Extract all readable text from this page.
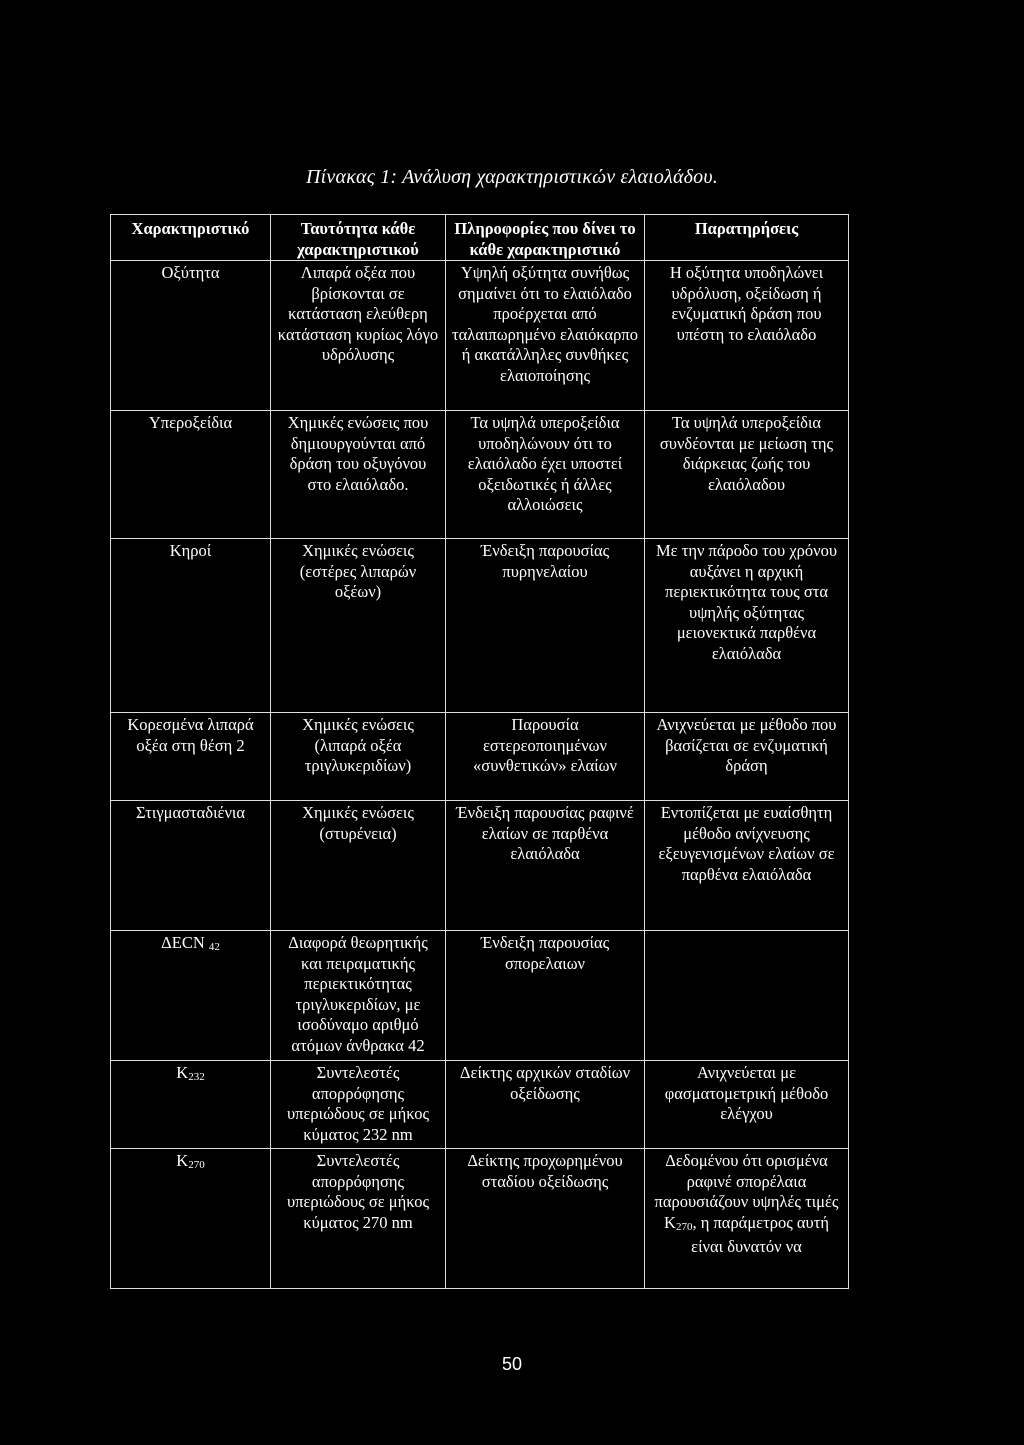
Πίνακας 1: Ανάλυση χαρακτηριστικών ελαιολάδου.
Χαρακτηριστικό	Ταυτότητα κάθε χαρακτηριστικού	Πληροφορίες που δίνει το κάθε χαρακτηριστικό	Παρατηρήσεις
Οξύτητα	Λιπαρά οξέα που βρίσκονται σε κατάσταση ελεύθερη κατάσταση κυρίως λόγο υδρόλυσης	Υψηλή οξύτητα συνήθως σημαίνει ότι το ελαιόλαδο προέρχεται από ταλαιπωρημένο ελαιόκαρπο ή ακατάλληλες συνθήκες ελαιοποίησης	Η οξύτητα υποδηλώνει υδρόλυση, οξείδωση ή ενζυματική δράση που υπέστη το ελαιόλαδο
Υπεροξείδια	Χημικές ενώσεις που δημιουργούνται από δράση του οξυγόνου στο ελαιόλαδο.	Τα υψηλά υπεροξείδια υποδηλώνουν ότι το ελαιόλαδο έχει υποστεί οξειδωτικές ή άλλες αλλοιώσεις	Τα υψηλά υπεροξείδια συνδέονται με μείωση της διάρκειας ζωής του ελαιόλαδου
Κηροί	Χημικές ενώσεις (εστέρες λιπαρών οξέων)	Ένδειξη παρουσίας πυρηνελαίου	Με την πάροδο του χρόνου αυξάνει η αρχική περιεκτικότητα τους στα υψηλής οξύτητας μειονεκτικά παρθένα ελαιόλαδα
Κορεσμένα λιπαρά οξέα στη θέση 2	Χημικές ενώσεις (λιπαρά οξέα τριγλυκεριδίων)	Παρουσία εστερεοποιημένων «συνθετικών» ελαίων	Ανιχνεύεται με μέθοδο που βασίζεται σε ενζυματική δράση
Στιγμασταδιένια	Χημικές ενώσεις (στυρένεια)	Ένδειξη παρουσίας ραφινέ ελαίων σε παρθένα ελαιόλαδα	Εντοπίζεται με ευαίσθητη μέθοδο ανίχνευσης εξευγενισμένων ελαίων σε παρθένα ελαιόλαδα
ΔECN 42	Διαφορά θεωρητικής και πειραματικής περιεκτικότητας τριγλυκεριδίων, με ισοδύναμο αριθμό ατόμων άνθρακα 42	Ένδειξη παρουσίας σπορελαιων	
K232	Συντελεστές απορρόφησης υπεριώδους σε μήκος κύματος 232 nm	Δείκτης αρχικών σταδίων οξείδωσης	Ανιχνεύεται με φασματομετρική μέθοδο ελέγχου
K270	Συντελεστές απορρόφησης υπεριώδους σε μήκος κύματος 270 nm	Δείκτης προχωρημένου σταδίου οξείδωσης	Δεδομένου ότι ορισμένα ραφινέ σπορέλαια παρουσιάζουν υψηλές τιμές K270, η παράμετρος αυτή είναι δυνατόν να
50
